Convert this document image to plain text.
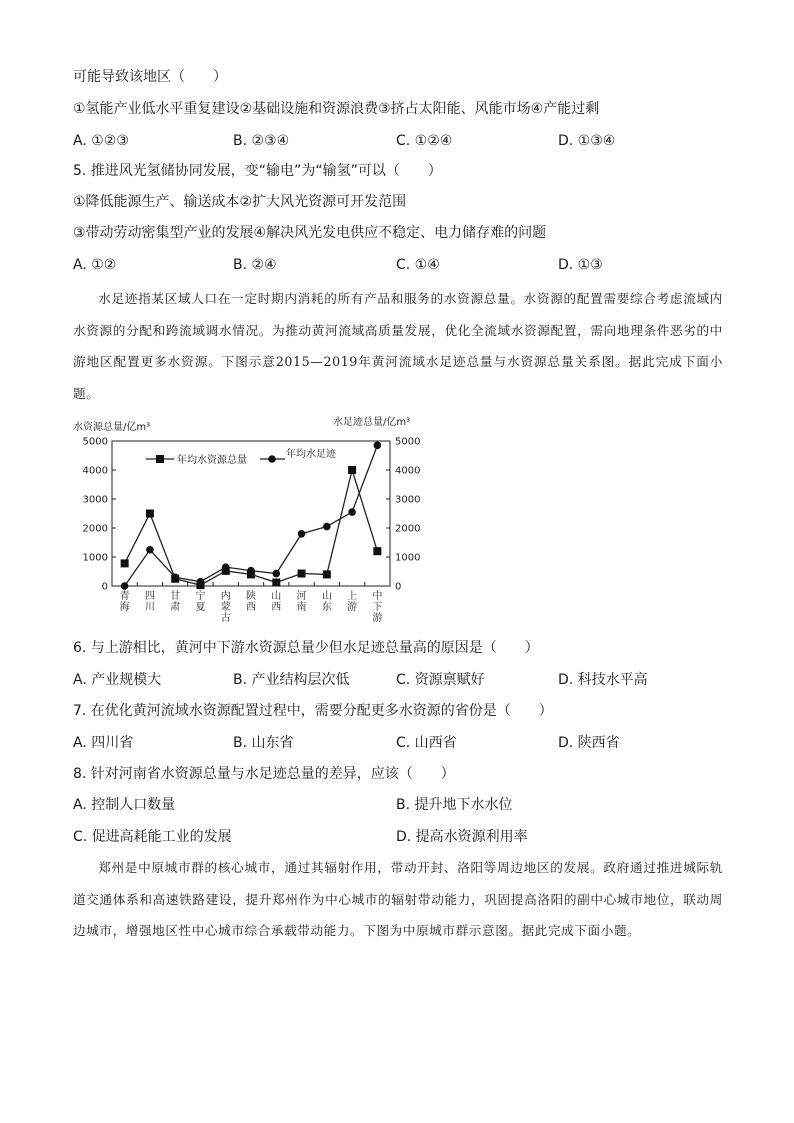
可能导致该地区（　　）
①氢能产业低水平重复建设②基础设施和资源浪费③挤占太阳能、风能市场④产能过剩
A. ①②③	B. ②③④	C. ①②④	D. ①③④
5. 推进风光氢储协同发展，变“输电”为“输氢”可以（　　）
①降低能源生产、输送成本②扩大风光资源可开发范围
③带动劳动密集型产业的发展④解决风光发电供应不稳定、电力储存难的问题
A. ①②	B. ②④	C. ①④	D. ①③
水足迹指某区域人口在一定时期内消耗的所有产品和服务的水资源总量。水资源的配置需要综合考虑流域内水资源的分配和跨流域调水情况。为推动黄河流域高质量发展，优化全流域水资源配置，需向地理条件恶劣的中游地区配置更多水资源。下图示意2015—2019年黄河流域水足迹总量与水资源总量关系图。据此完成下面小题。
水资源总量/亿m³	水足迹总量/亿m³
0
1000
2000
3000
4000
5000
0
1000
2000
3000
4000
5000
青海
四川
甘肃
宁夏
内蒙古
陕西
山西
河南
山东
上游
中下游
年均水资源总量
年均水足迹
6. 与上游相比，黄河中下游水资源总量少但水足迹总量高的原因是（　　）
A. 产业规模大	B. 产业结构层次低	C. 资源禀赋好	D. 科技水平高
7. 在优化黄河流域水资源配置过程中，需要分配更多水资源的省份是（　　）
A. 四川省	B. 山东省	C. 山西省	D. 陕西省
8. 针对河南省水资源总量与水足迹总量的差异，应该（　　）
A. 控制人口数量	B. 提升地下水水位
C. 促进高耗能工业的发展	D. 提高水资源利用率
郑州是中原城市群的核心城市，通过其辐射作用，带动开封、洛阳等周边地区的发展。政府通过推进城际轨道交通体系和高速铁路建设，提升郑州作为中心城市的辐射带动能力，巩固提高洛阳的副中心城市地位，联动周边城市，增强地区性中心城市综合承载带动能力。下图为中原城市群示意图。据此完成下面小题。
